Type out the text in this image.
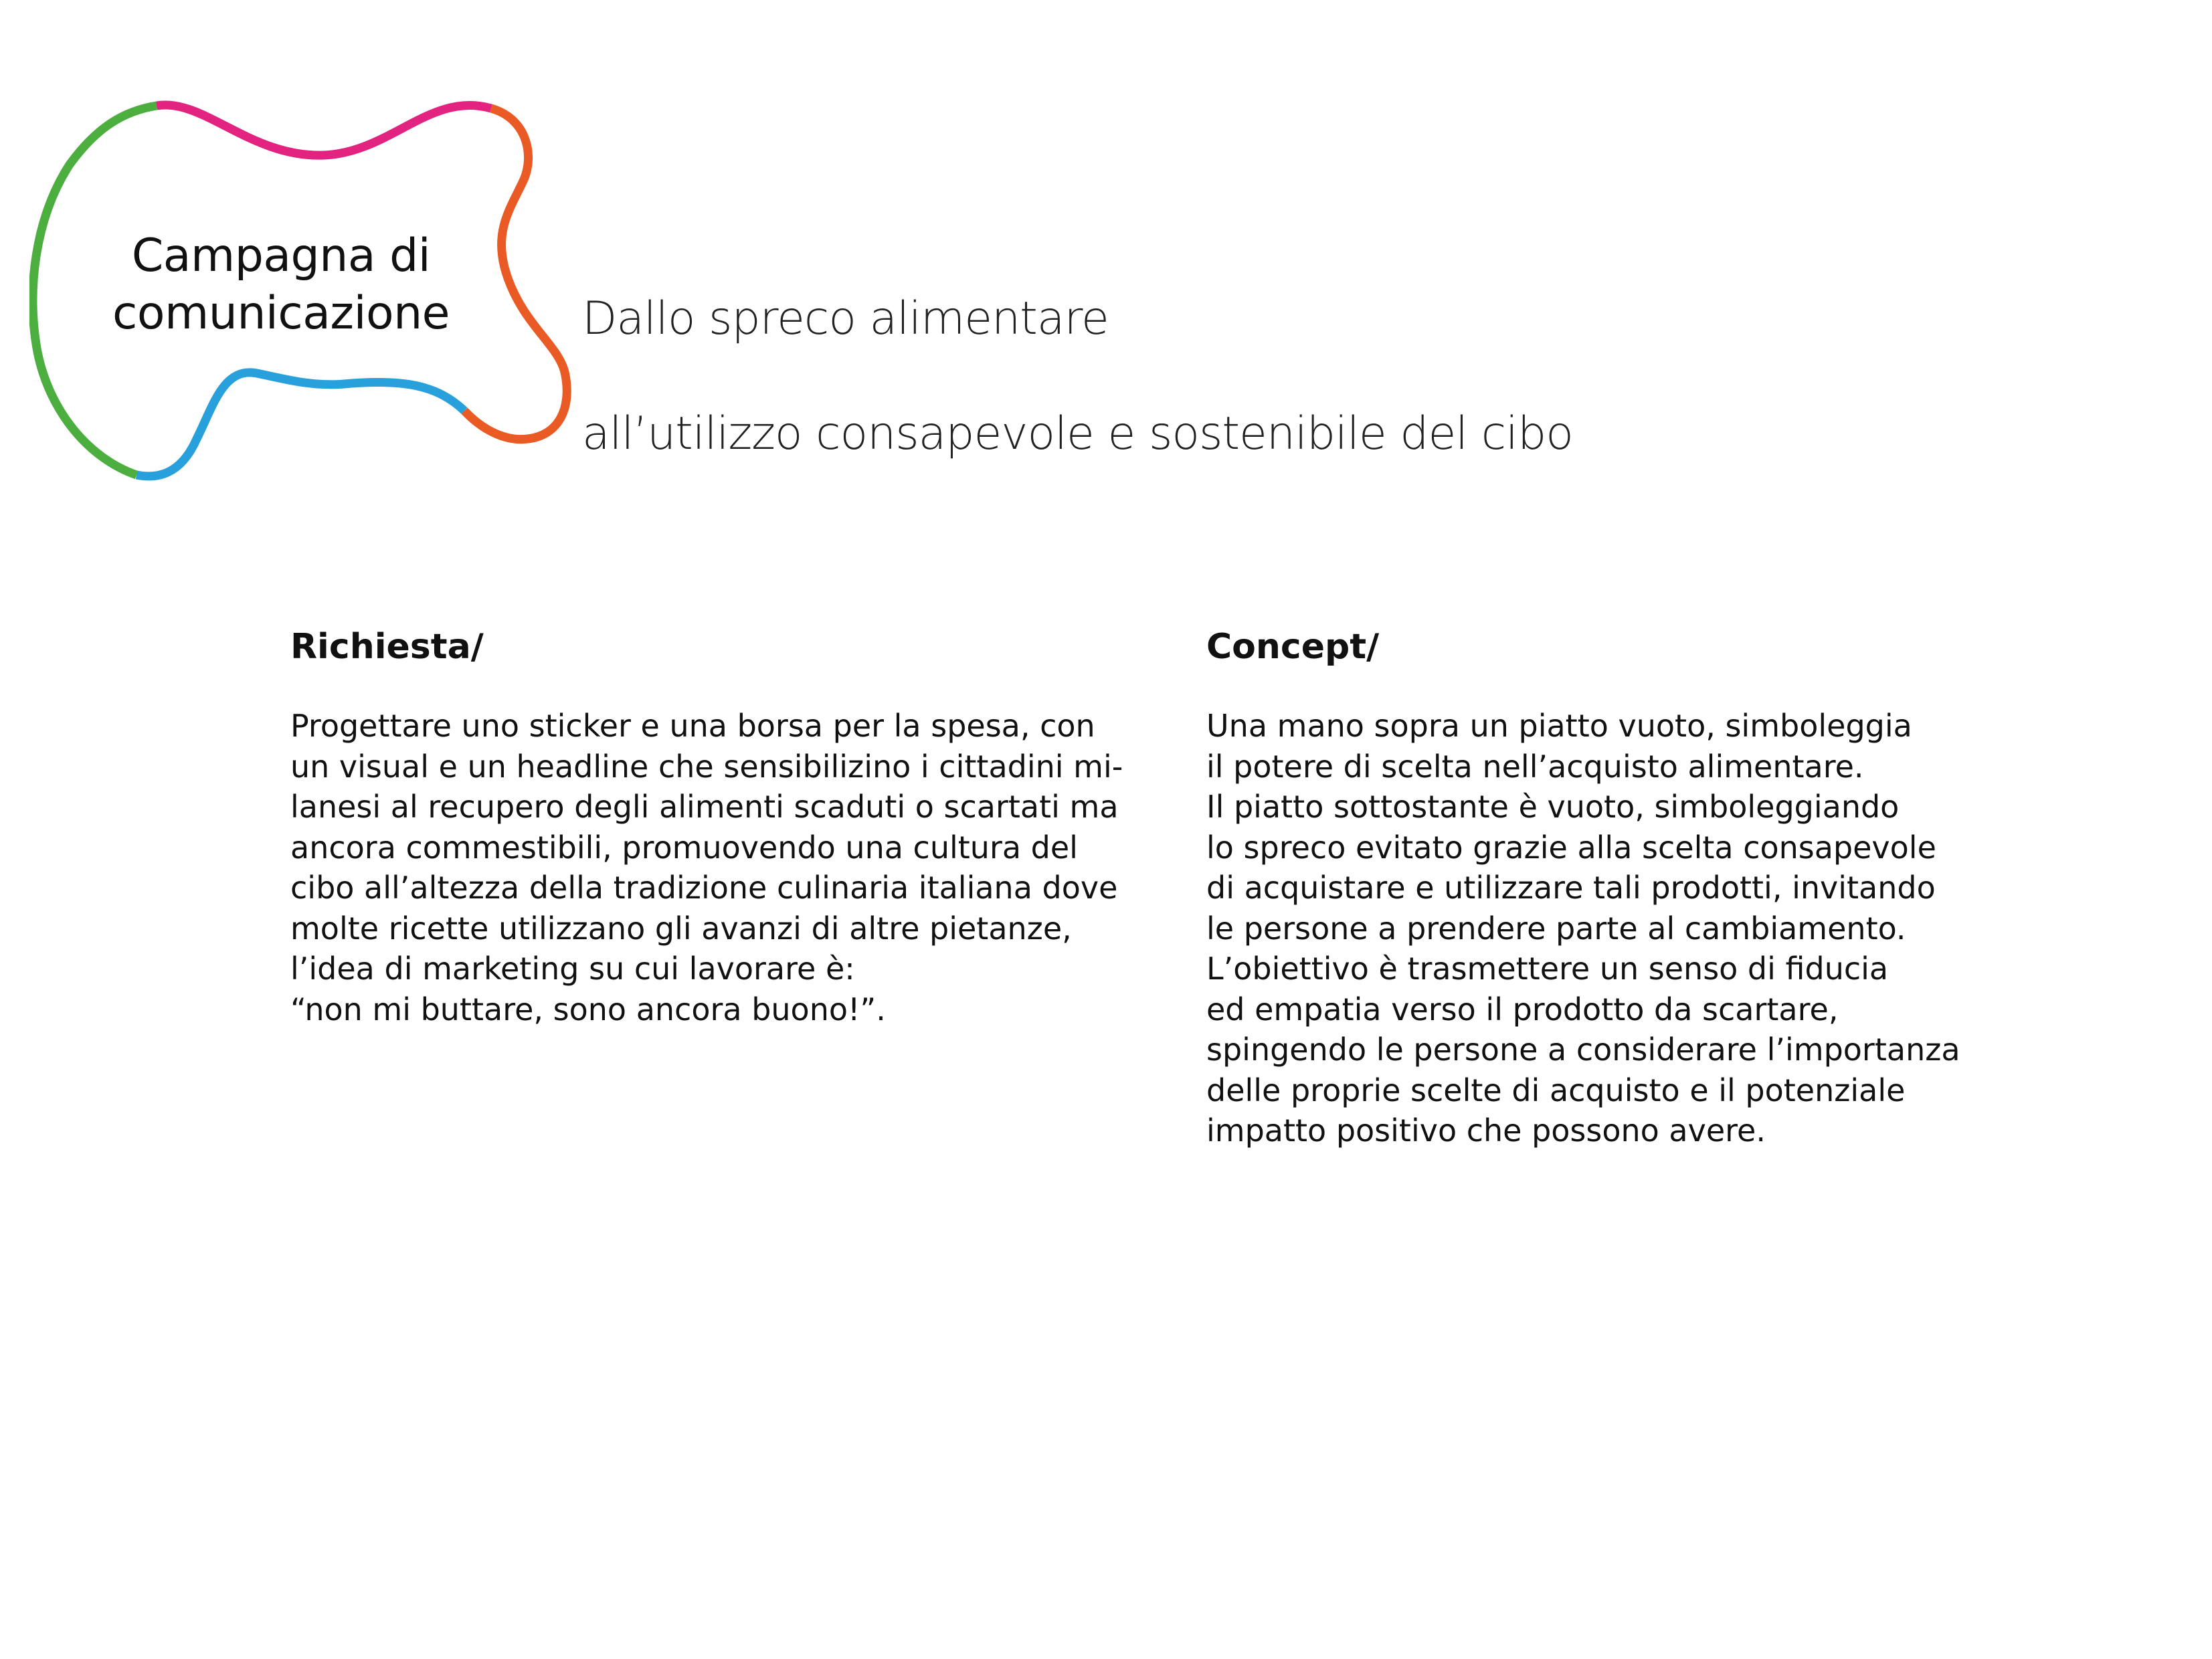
Campagna di
comunicazione	Dallo spreco alimentare

all’utilizzo consapevole e sostenibile del cibo

Richiesta/

Progettare uno sticker e una borsa per la spesa, con
un visual e un headline che sensibilizino i cittadini mi-
lanesi al recupero degli alimenti scaduti o scartati ma
ancora commestibili, promuovendo una cultura del
cibo all’altezza della tradizione culinaria italiana dove
molte ricette utilizzano gli avanzi di altre pietanze,
l’idea di marketing su cui lavorare è:
“non mi buttare, sono ancora buono!”.

Concept/

Una mano sopra un piatto vuoto, simboleggia
il potere di scelta nell’acquisto alimentare.
Il piatto sottostante è vuoto, simboleggiando
lo spreco evitato grazie alla scelta consapevole
di acquistare e utilizzare tali prodotti, invitando
le persone a prendere parte al cambiamento.
L’obiettivo è trasmettere un senso di fiducia
ed empatia verso il prodotto da scartare,
spingendo le persone a considerare l’importanza
delle proprie scelte di acquisto e il potenziale
impatto positivo che possono avere.
